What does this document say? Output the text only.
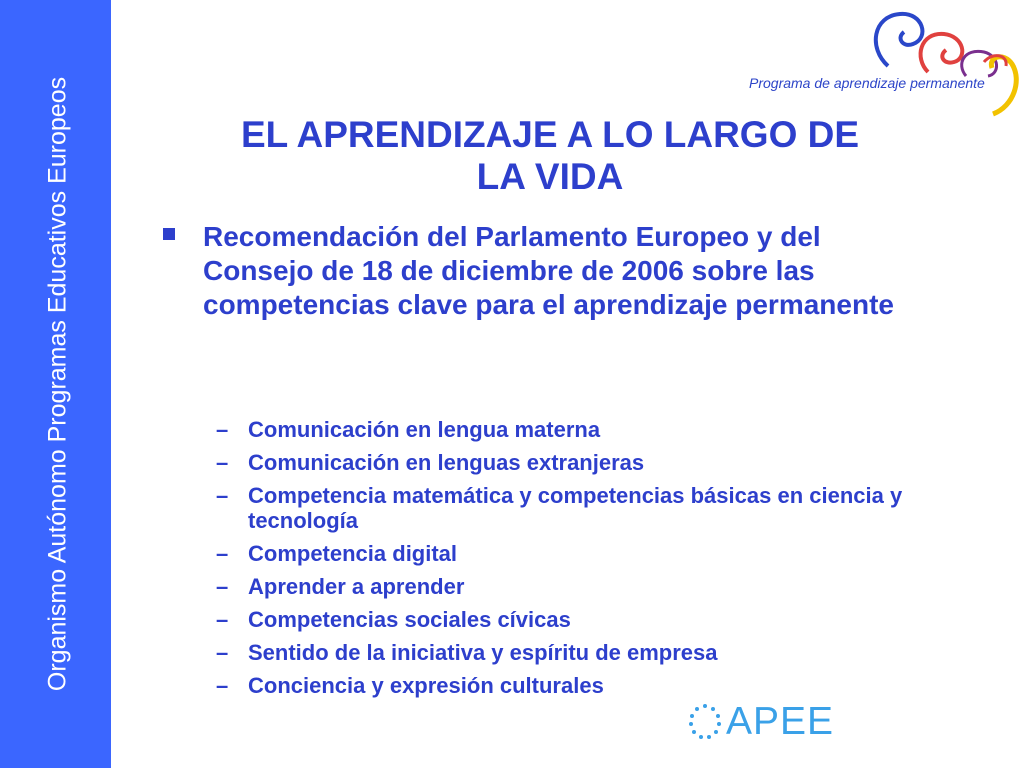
Organismo Autónomo Programas Educativos Europeos	Programa de aprendizaje permanente
EL APRENDIZAJE A LO LARGO DE
LA VIDA
Recomendación del Parlamento Europeo y del Consejo de 18 de diciembre de 2006 sobre las competencias clave para el aprendizaje permanente
– Comunicación en lengua materna
– Comunicación en lenguas extranjeras
– Competencia matemática y competencias básicas en ciencia y tecnología
– Competencia digital
– Aprender a aprender
– Competencias sociales cívicas
– Sentido de la iniciativa y espíritu de empresa
– Conciencia y expresión culturales
APEE
